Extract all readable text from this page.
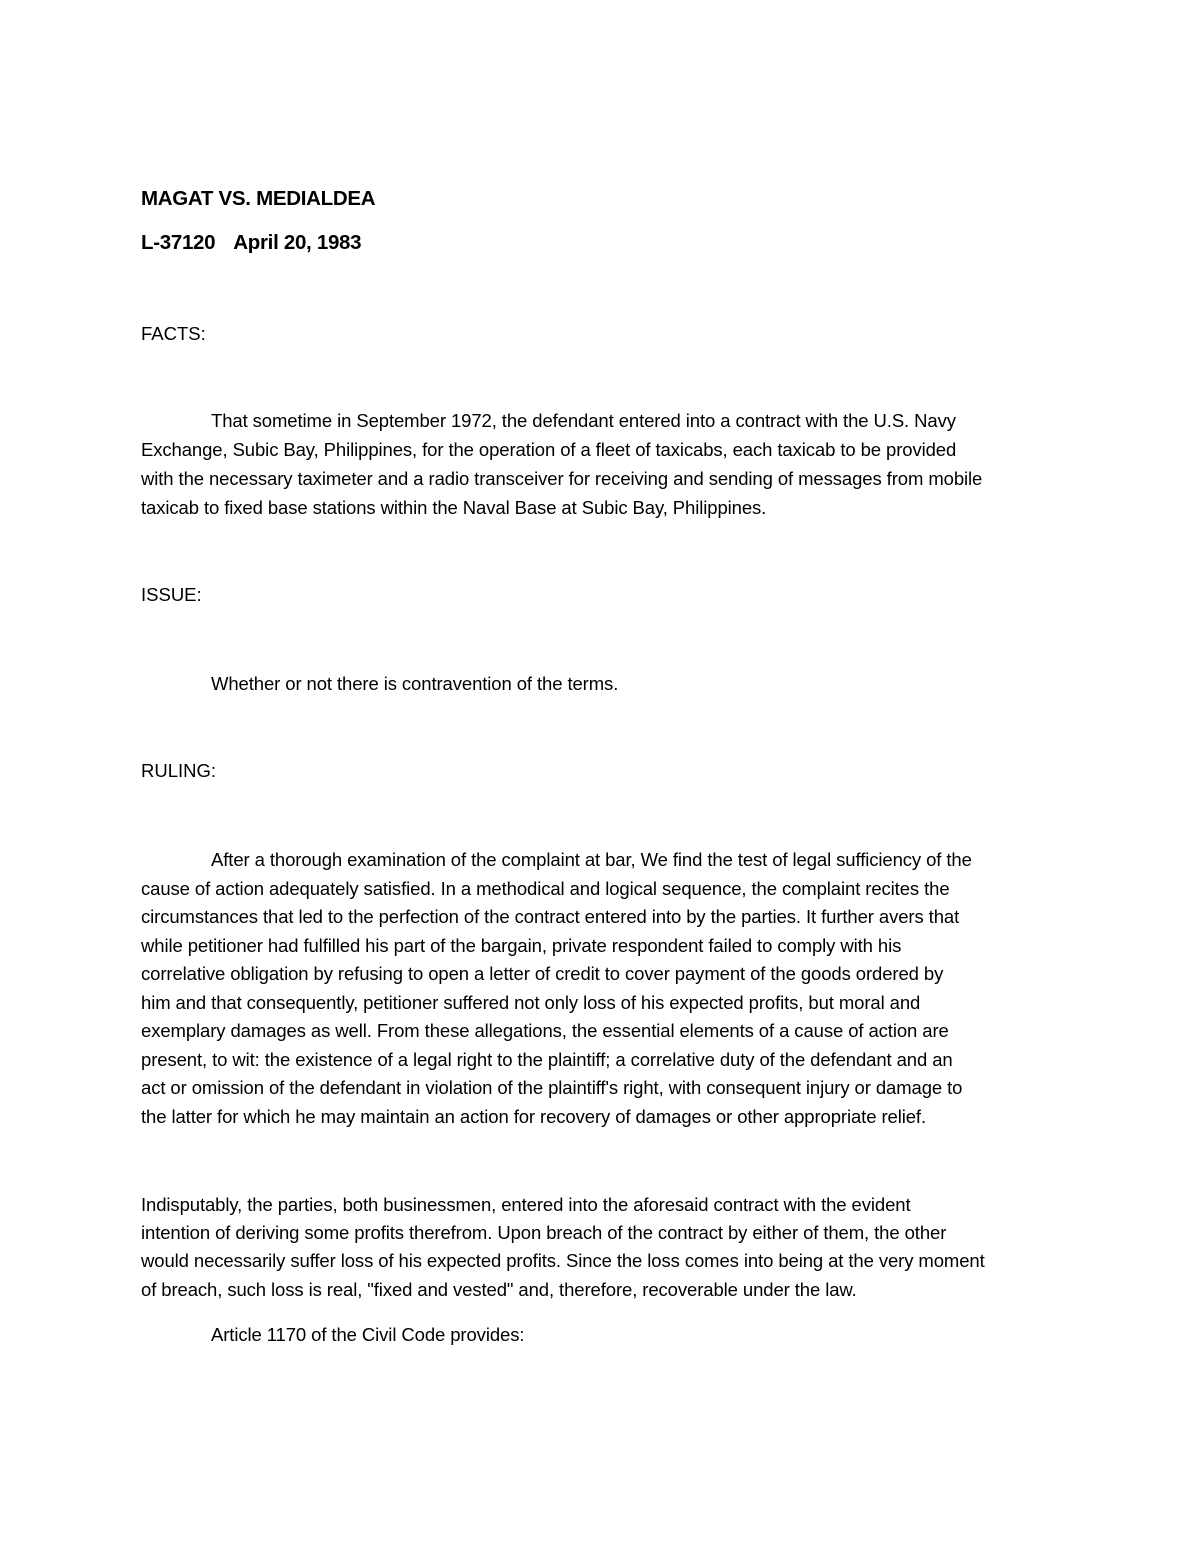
MAGAT VS. MEDIALDEA
L-37120 April 20, 1983

FACTS:

That sometime in September 1972, the defendant entered into a contract with the U.S. Navy

Exchange, Subic Bay, Philippines, for the operation of a fleet of taxicabs, each taxicab to be provided

with the necessary taximeter and a radio transceiver for receiving and sending of messages from mobile

taxicab to fixed base stations within the Naval Base at Subic Bay, Philippines.

ISSUE:

Whether or not there is contravention of the terms.

RULING:

After a thorough examination of the complaint at bar, We find the test of legal sufficiency of the

cause of action adequately satisfied. In a methodical and logical sequence, the complaint recites the

circumstances that led to the perfection of the contract entered into by the parties. It further avers that

while petitioner had fulfilled his part of the bargain, private respondent failed to comply with his

correlative obligation by refusing to open a letter of credit to cover payment of the goods ordered by

him and that consequently, petitioner suffered not only loss of his expected profits, but moral and

exemplary damages as well. From these allegations, the essential elements of a cause of action are

present, to wit: the existence of a legal right to the plaintiff; a correlative duty of the defendant and an

act or omission of the defendant in violation of the plaintiff's right, with consequent injury or damage to

the latter for which he may maintain an action for recovery of damages or other appropriate relief.

Indisputably, the parties, both businessmen, entered into the aforesaid contract with the evident

intention of deriving some profits therefrom. Upon breach of the contract by either of them, the other

would necessarily suffer loss of his expected profits. Since the loss comes into being at the very moment

of breach, such loss is real, "fixed and vested" and, therefore, recoverable under the law.

Article 1170 of the Civil Code provides:
